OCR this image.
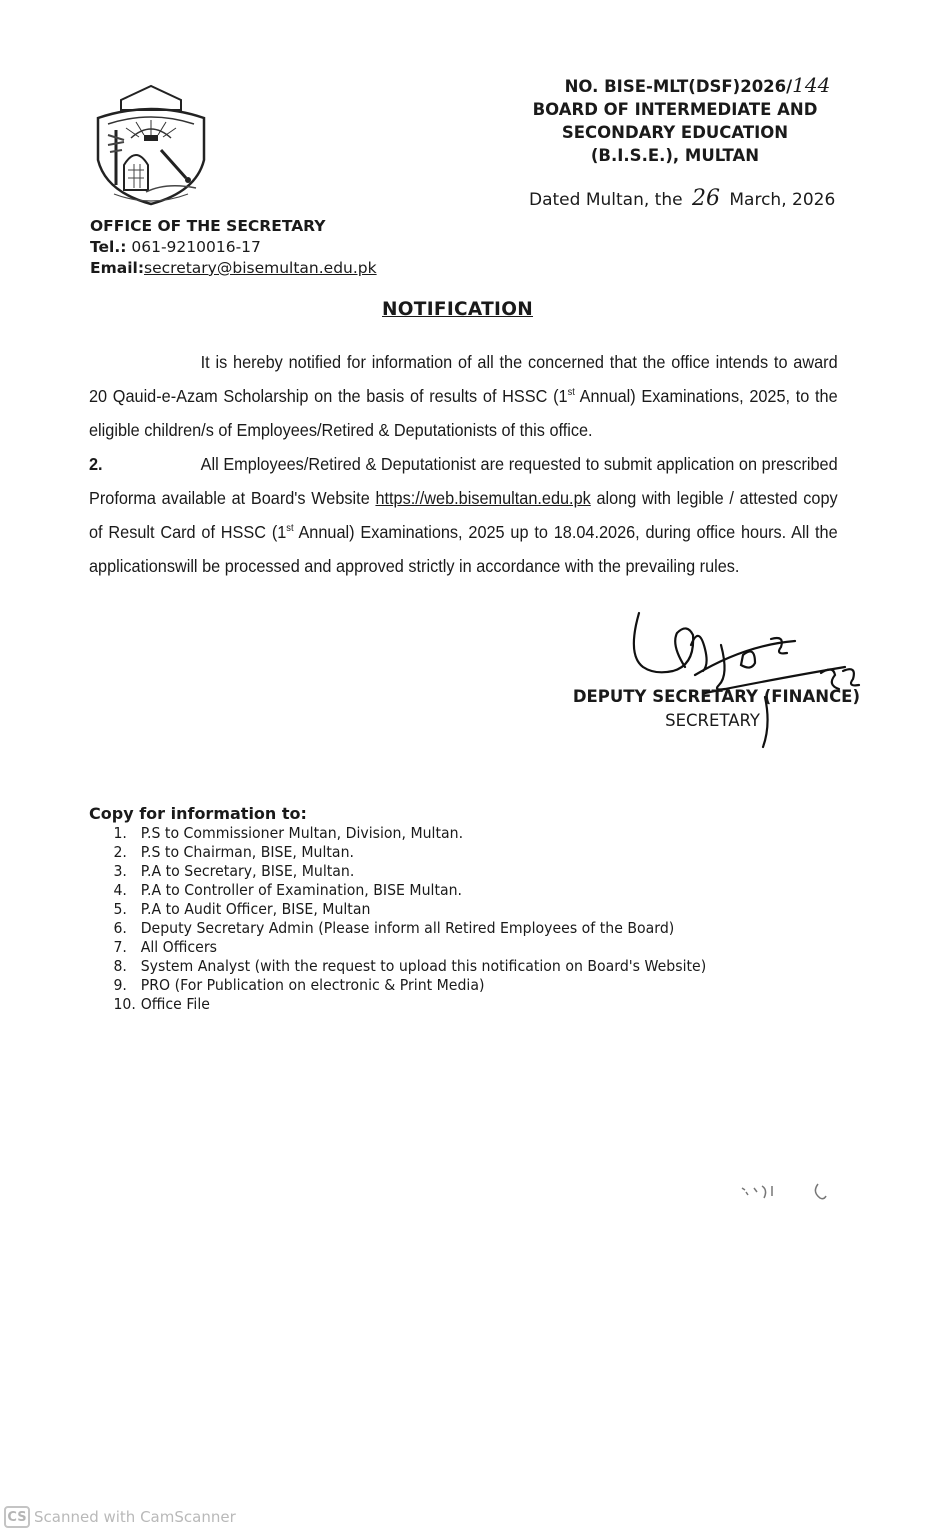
NO. BISE-MLT(DSF)2026/144
BOARD OF INTERMEDIATE AND
SECONDARY EDUCATION
(B.I.S.E.), MULTAN
Dated Multan, the 26 March, 2026
OFFICE OF THE SECRETARY
Tel.: 061-9210016-17
Email:secretary@bisemultan.edu.pk
NOTIFICATION

It is hereby notified for information of all the concerned that the office intends to award 20 Qauid-e-Azam Scholarship on the basis of results of HSSC (1st Annual) Examinations, 2025, to the eligible children/s of Employees/Retired & Deputationists of this office.

2.	All Employees/Retired & Deputationist are requested to submit application on prescribed Proforma available at Board's Website https://web.bisemultan.edu.pk along with legible / attested copy of Result Card of HSSC (1st Annual) Examinations, 2025 up to 18.04.2026, during office hours. All the applicationswill be processed and approved strictly in accordance with the prevailing rules.

DEPUTY SECRETARY (FINANCE)
SECRETARY
Copy for information to:
1. P.S to Commissioner Multan, Division, Multan.
2. P.S to Chairman, BISE, Multan.
3. P.A to Secretary, BISE, Multan.
4. P.A to Controller of Examination, BISE Multan.
5. P.A to Audit Officer, BISE, Multan
6. Deputy Secretary Admin (Please inform all Retired Employees of the Board)
7. All Officers
8. System Analyst (with the request to upload this notification on Board's Website)
9. PRO (For Publication on electronic & Print Media)
10. Office File
CS Scanned with CamScanner
